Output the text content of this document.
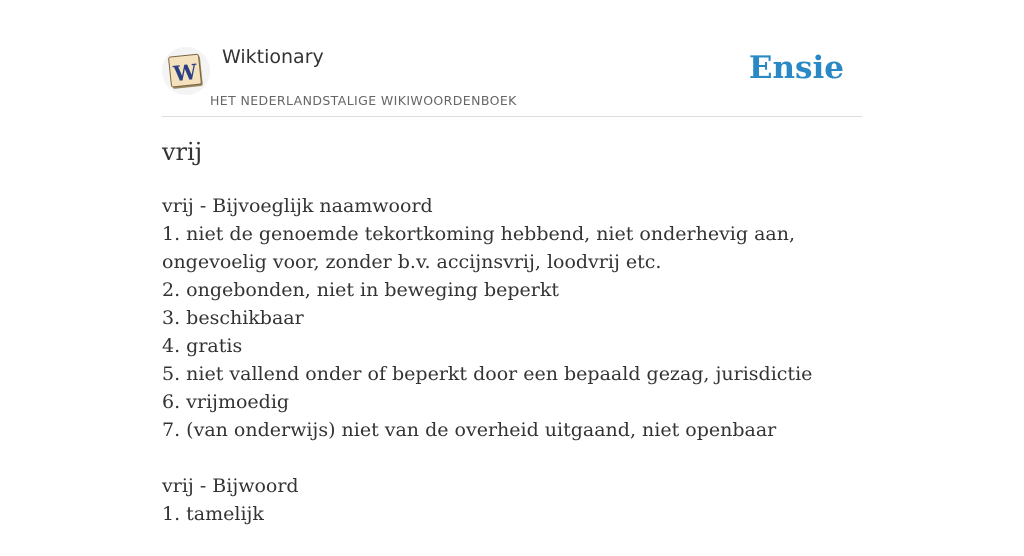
W
Wiktionary
HET NEDERLANDSTALIGE WIKIWOORDENBOEK
Ensie
vrij
vrij - Bijvoeglijk naamwoord
1. niet de genoemde tekortkoming hebbend, niet onderhevig aan, ongevoelig voor, zonder b.v. accijnsvrij, loodvrij etc.
2. ongebonden, niet in beweging beperkt
3. beschikbaar
4. gratis
5. niet vallend onder of beperkt door een bepaald gezag, jurisdictie
6. vrijmoedig
7. (van onderwijs) niet van de overheid uitgaand, niet openbaar
vrij - Bijwoord
1. tamelijk
